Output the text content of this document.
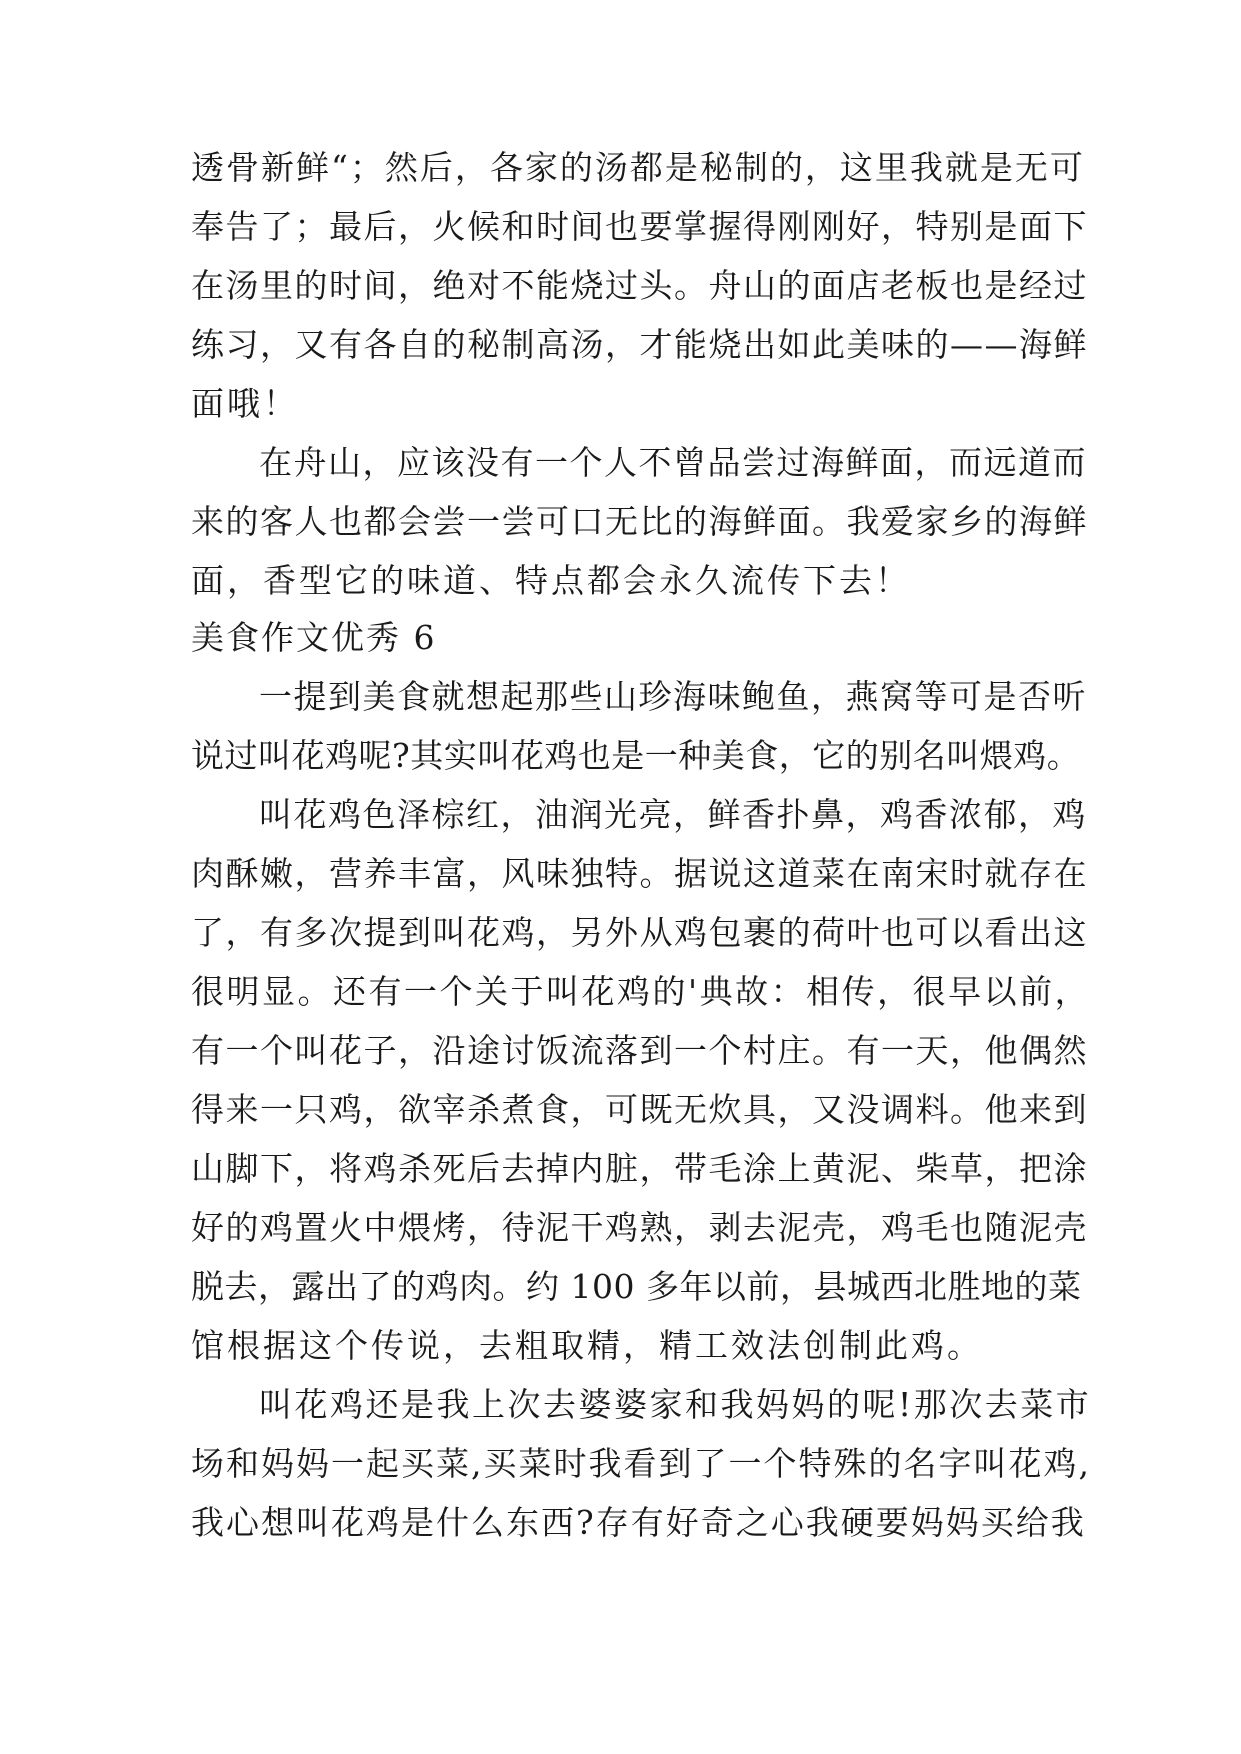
透骨新鲜“；然后，各家的汤都是秘制的，这里我就是无可
奉告了；最后，火候和时间也要掌握得刚刚好，特别是面下
在汤里的时间，绝对不能烧过头。舟山的面店老板也是经过
练习，又有各自的秘制高汤，才能烧出如此美味的——海鲜
面哦！
在舟山，应该没有一个人不曾品尝过海鲜面，而远道而
来的客人也都会尝一尝可口无比的海鲜面。我爱家乡的海鲜
面，香型它的味道、特点都会永久流传下去！
美食作文优秀 6
一提到美食就想起那些山珍海味鲍鱼，燕窝等可是否听
说过叫花鸡呢?其实叫花鸡也是一种美食，它的别名叫煨鸡。
叫花鸡色泽棕红，油润光亮，鲜香扑鼻，鸡香浓郁，鸡
肉酥嫩，营养丰富，风味独特。据说这道菜在南宋时就存在
了，有多次提到叫花鸡，另外从鸡包裹的荷叶也可以看出这
很明显。还有一个关于叫花鸡的'典故：相传，很早以前，
有一个叫花子，沿途讨饭流落到一个村庄。有一天，他偶然
得来一只鸡，欲宰杀煮食，可既无炊具，又没调料。他来到
山脚下，将鸡杀死后去掉内脏，带毛涂上黄泥、柴草，把涂
好的鸡置火中煨烤，待泥干鸡熟，剥去泥壳，鸡毛也随泥壳
脱去，露出了的鸡肉。约 100 多年以前，县城西北胜地的菜
馆根据这个传说，去粗取精，精工效法创制此鸡。
叫花鸡还是我上次去婆婆家和我妈妈的呢!那次去菜市
场和妈妈一起买菜,买菜时我看到了一个特殊的名字叫花鸡,
我心想叫花鸡是什么东西?存有好奇之心我硬要妈妈买给我
